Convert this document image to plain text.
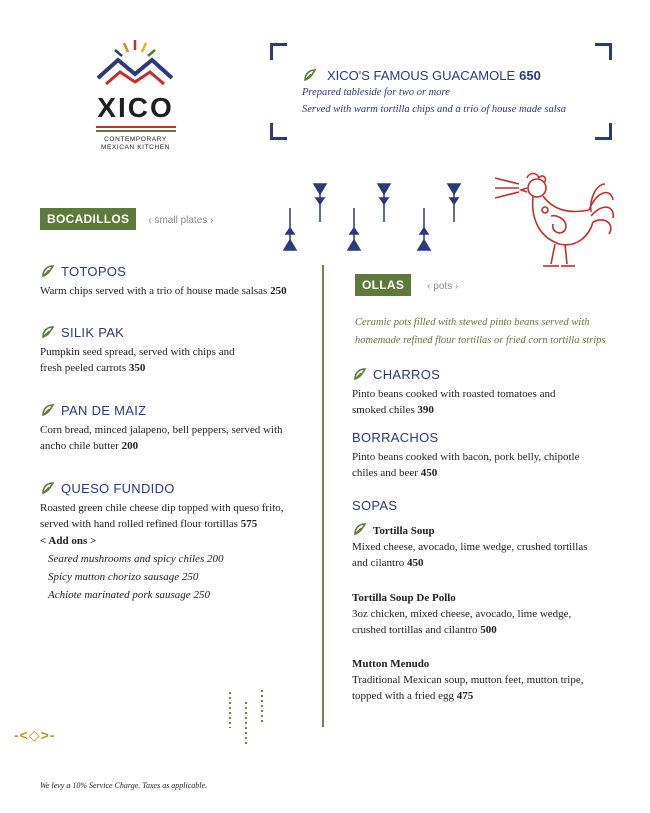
XICO
CONTEMPORARY
MEXICAN KITCHEN
XICO'S FAMOUS GUACAMOLE 650
Prepared tableside for two or more
Served with warm tortilla chips and a trio of house made salsa
BOCADILLOS ‹ small plates ›
TOTOPOS
Warm chips served with a trio of house made salsas 250
SILIK PAK
Pumpkin seed spread, served with chips and
fresh peeled carrots 350
PAN DE MAIZ
Corn bread, minced jalapeno, bell peppers, served with
ancho chile butter 200
QUESO FUNDIDO
Roasted green chile cheese dip topped with queso frito,
served with hand rolled refined flour tortillas 575
< Add ons >
Seared mushrooms and spicy chiles 200
Spicy mutton chorizo sausage 250
Achiote marinated pork sausage 250
OLLAS ‹ pots ›
Ceramic pots filled with stewed pinto beans served with
homemade refined flour tortillas or fried corn tortilla strips
CHARROS
Pinto beans cooked with roasted tomatoes and
smoked chiles 390
BORRACHOS
Pinto beans cooked with bacon, pork belly, chipotle
chiles and beer 450
SOPAS
Tortilla Soup
Mixed cheese, avocado, lime wedge, crushed tortillas
and cilantro 450
Tortilla Soup De Pollo
3oz chicken, mixed cheese, avocado, lime wedge,
crushed tortillas and cilantro 500
Mutton Menudo
Traditional Mexican soup, mutton feet, mutton tripe,
topped with a fried egg 475
-<◇>-
We levy a 10% Service Charge. Taxes as applicable.
